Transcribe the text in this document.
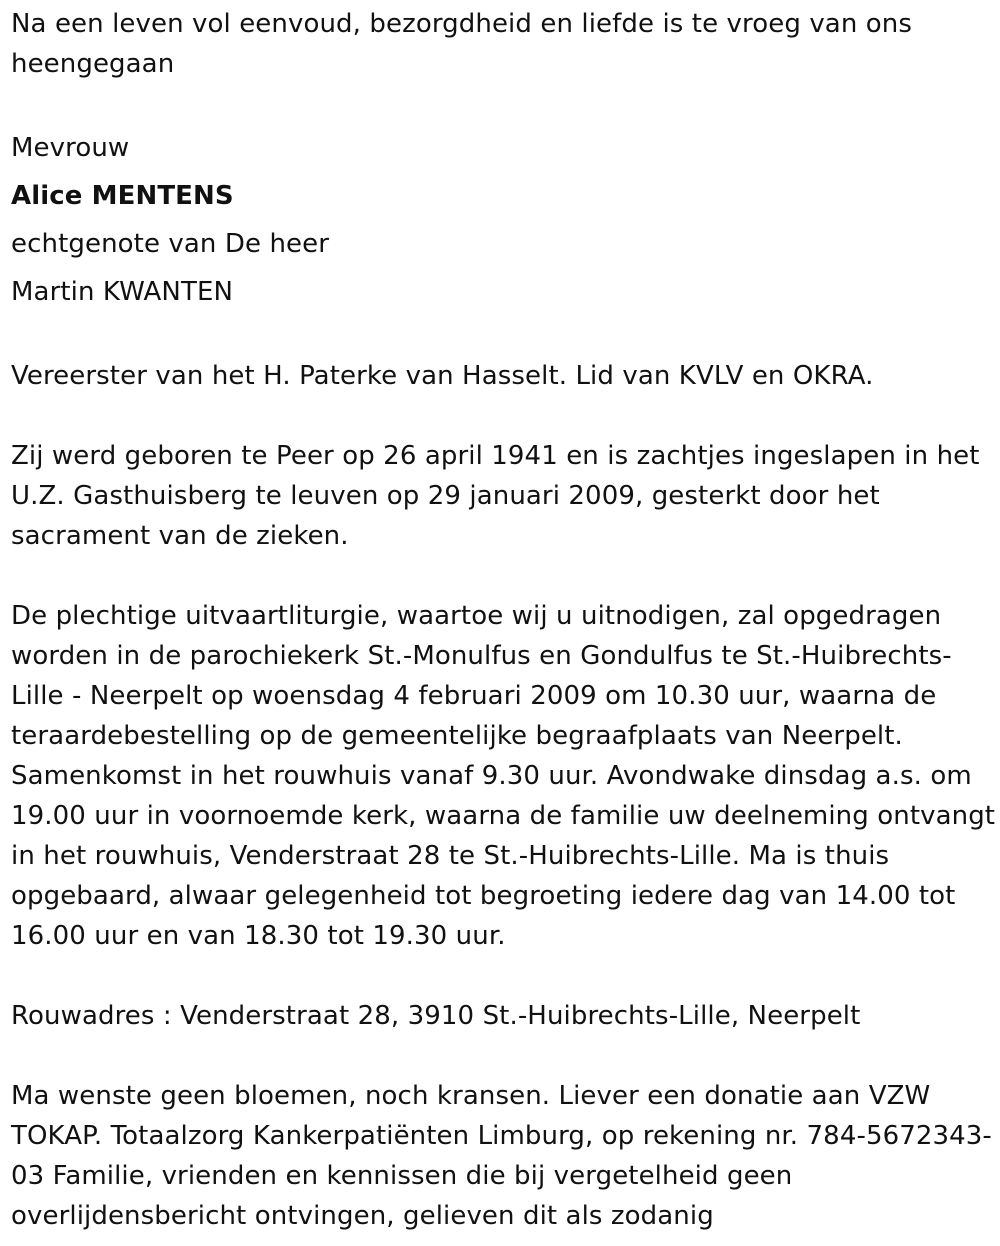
Na een leven vol eenvoud, bezorgdheid en liefde is te vroeg van ons heengegaan

Mevrouw

Alice MENTENS

echtgenote van De heer

Martin KWANTEN

Vereerster van het H. Paterke van Hasselt. Lid van KVLV en OKRA.

Zij werd geboren te Peer op 26 april 1941 en is zachtjes ingeslapen in het U.Z. Gasthuisberg te leuven op 29 januari 2009, gesterkt door het sacrament van de zieken.

De plechtige uitvaartliturgie, waartoe wij u uitnodigen, zal opgedragen worden in de parochiekerk St.-Monulfus en Gondulfus te St.-Huibrechts-Lille - Neerpelt op woensdag 4 februari 2009 om 10.30 uur, waarna de teraardebestelling op de gemeentelijke begraafplaats van Neerpelt. Samenkomst in het rouwhuis vanaf 9.30 uur. Avondwake dinsdag a.s. om 19.00 uur in voornoemde kerk, waarna de familie uw deelneming ontvangt in het rouwhuis, Venderstraat 28 te St.-Huibrechts-Lille. Ma is thuis opgebaard, alwaar gelegenheid tot begroeting iedere dag van 14.00 tot 16.00 uur en van 18.30 tot 19.30 uur.

Rouwadres : Venderstraat 28, 3910 St.-Huibrechts-Lille, Neerpelt

Ma wenste geen bloemen, noch kransen. Liever een donatie aan VZW TOKAP. Totaalzorg Kankerpatiënten Limburg, op rekening nr. 784-5672343-03 Familie, vrienden en kennissen die bij vergetelheid geen overlijdensbericht ontvingen, gelieven dit als zodanig
